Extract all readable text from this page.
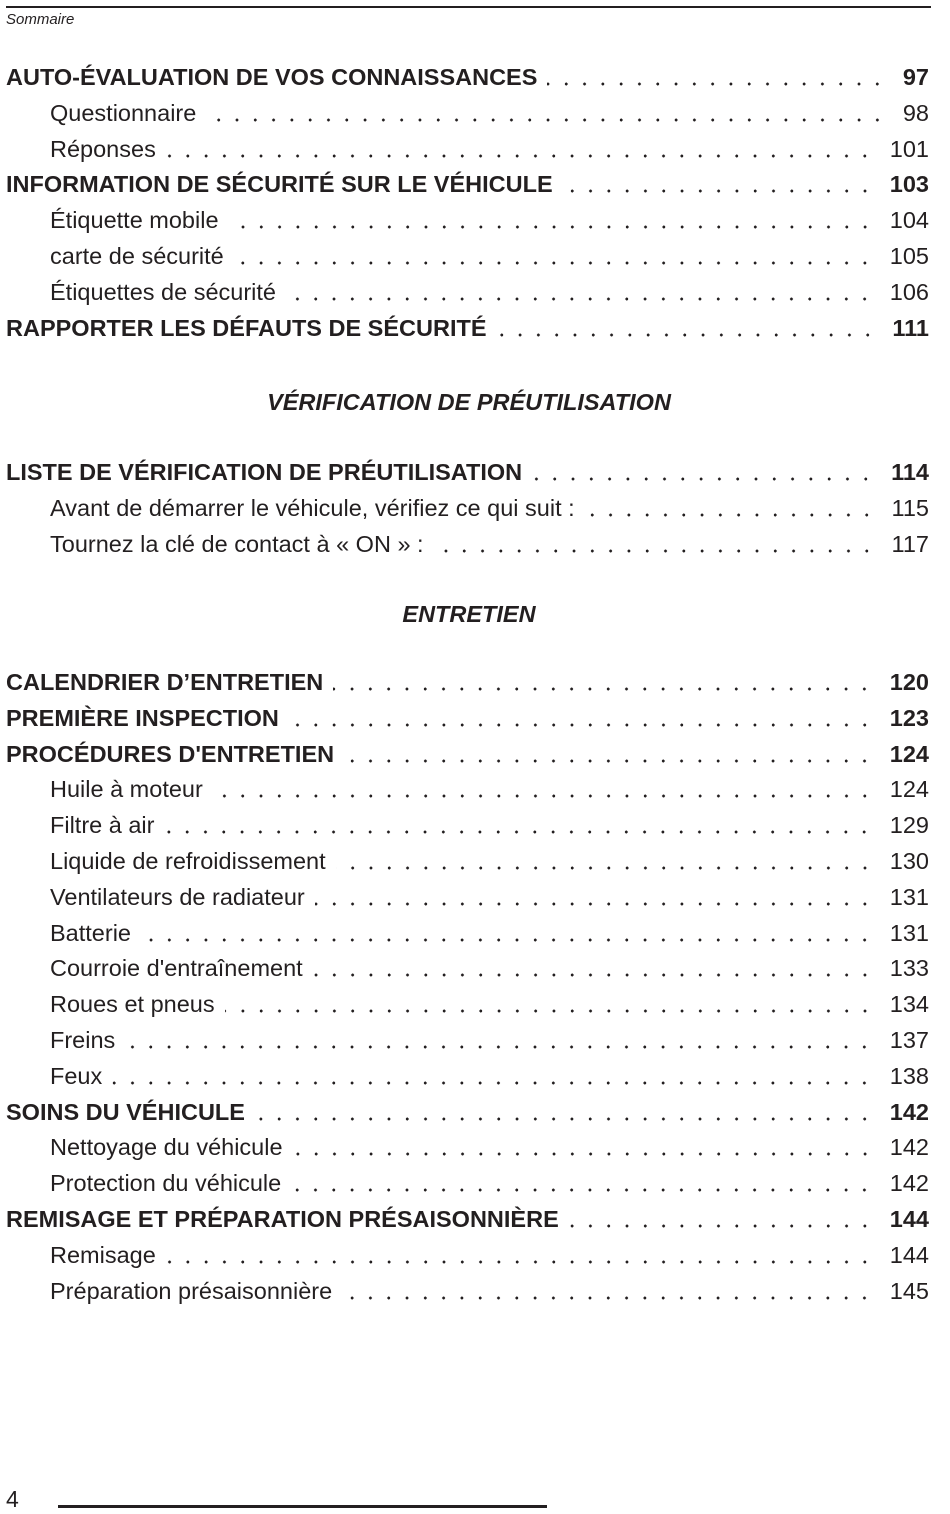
Sommaire
AUTO-ÉVALUATION DE VOS CONNAISSANCES	97
Questionnaire	98
Réponses	101
INFORMATION DE SÉCURITÉ SUR LE VÉHICULE	103
Étiquette mobile	104
carte de sécurité	105
Étiquettes de sécurité	106
RAPPORTER LES DÉFAUTS DE SÉCURITÉ	111
VÉRIFICATION DE PRÉUTILISATION
LISTE DE VÉRIFICATION DE PRÉUTILISATION	114
Avant de démarrer le véhicule, vérifiez ce qui suit :	115
Tournez la clé de contact à « ON » :	117
ENTRETIEN
CALENDRIER D’ENTRETIEN	120
PREMIÈRE INSPECTION	123
PROCÉDURES D'ENTRETIEN	124
Huile à moteur	124
Filtre à air	129
Liquide de refroidissement	130
Ventilateurs de radiateur	131
Batterie	131
Courroie d'entraînement	133
Roues et pneus	134
Freins	137
Feux	138
SOINS DU VÉHICULE	142
Nettoyage du véhicule	142
Protection du véhicule	142
REMISAGE ET PRÉPARATION PRÉSAISONNIÈRE	144
Remisage	144
Préparation présaisonnière	145
4
